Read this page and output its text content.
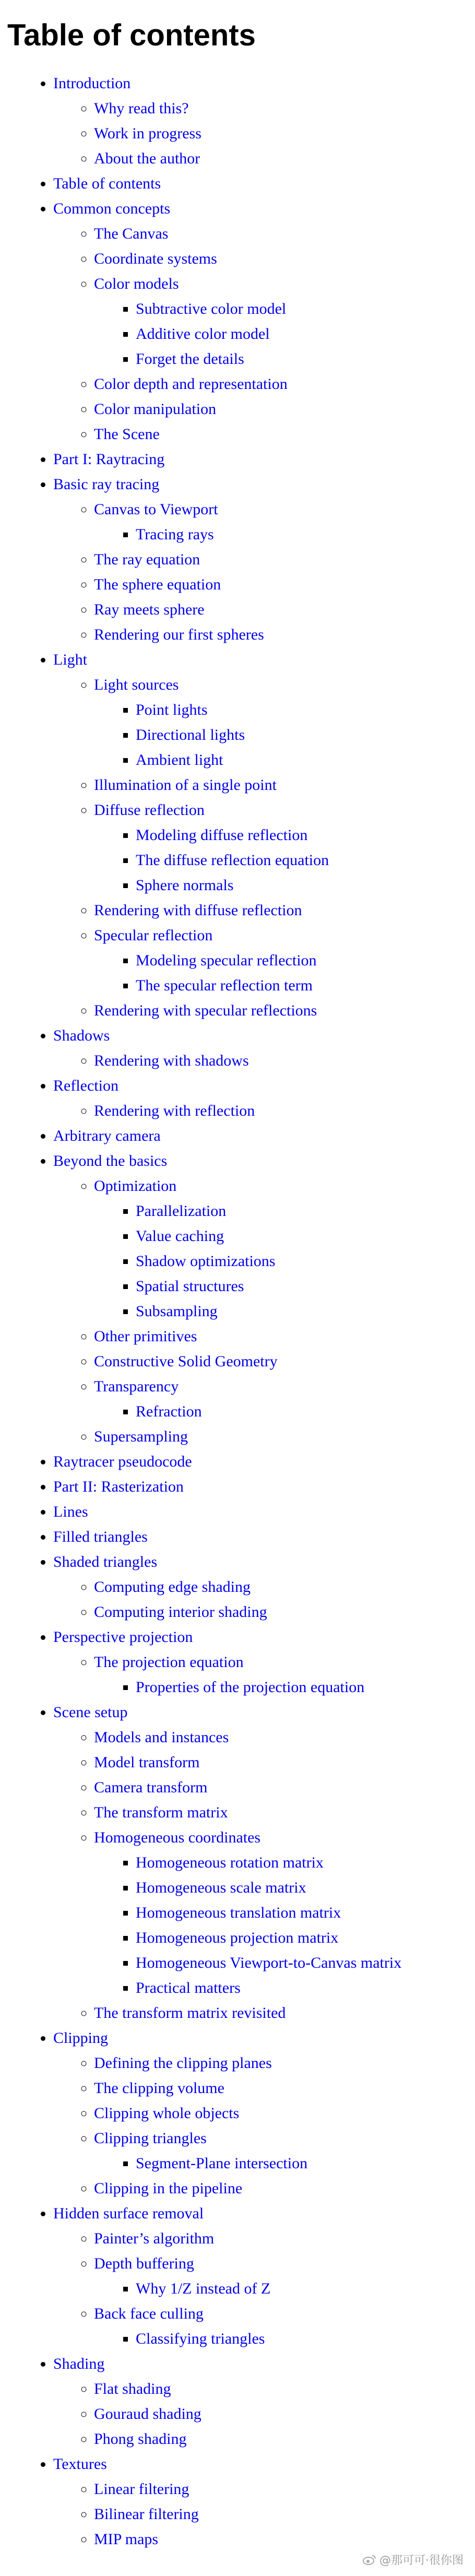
Table of contents
• Introduction
◦ Why read this?
◦ Work in progress
◦ About the author
• Table of contents
• Common concepts
◦ The Canvas
◦ Coordinate systems
◦ Color models
▪ Subtractive color model
▪ Additive color model
▪ Forget the details
◦ Color depth and representation
◦ Color manipulation
◦ The Scene
• Part I: Raytracing
• Basic ray tracing
◦ Canvas to Viewport
▪ Tracing rays
◦ The ray equation
◦ The sphere equation
◦ Ray meets sphere
◦ Rendering our first spheres
• Light
◦ Light sources
▪ Point lights
▪ Directional lights
▪ Ambient light
◦ Illumination of a single point
◦ Diffuse reflection
▪ Modeling diffuse reflection
▪ The diffuse reflection equation
▪ Sphere normals
◦ Rendering with diffuse reflection
◦ Specular reflection
▪ Modeling specular reflection
▪ The specular reflection term
◦ Rendering with specular reflections
• Shadows
◦ Rendering with shadows
• Reflection
◦ Rendering with reflection
• Arbitrary camera
• Beyond the basics
◦ Optimization
▪ Parallelization
▪ Value caching
▪ Shadow optimizations
▪ Spatial structures
▪ Subsampling
◦ Other primitives
◦ Constructive Solid Geometry
◦ Transparency
▪ Refraction
◦ Supersampling
• Raytracer pseudocode
• Part II: Rasterization
• Lines
• Filled triangles
• Shaded triangles
◦ Computing edge shading
◦ Computing interior shading
• Perspective projection
◦ The projection equation
▪ Properties of the projection equation
• Scene setup
◦ Models and instances
◦ Model transform
◦ Camera transform
◦ The transform matrix
◦ Homogeneous coordinates
▪ Homogeneous rotation matrix
▪ Homogeneous scale matrix
▪ Homogeneous translation matrix
▪ Homogeneous projection matrix
▪ Homogeneous Viewport-to-Canvas matrix
▪ Practical matters
◦ The transform matrix revisited
• Clipping
◦ Defining the clipping planes
◦ The clipping volume
◦ Clipping whole objects
◦ Clipping triangles
▪ Segment-Plane intersection
◦ Clipping in the pipeline
• Hidden surface removal
◦ Painter’s algorithm
◦ Depth buffering
▪ Why 1/Z instead of Z
◦ Back face culling
▪ Classifying triangles
• Shading
◦ Flat shading
◦ Gouraud shading
◦ Phong shading
• Textures
◦ Linear filtering
◦ Bilinear filtering
◦ MIP maps
@那可可·很你图
